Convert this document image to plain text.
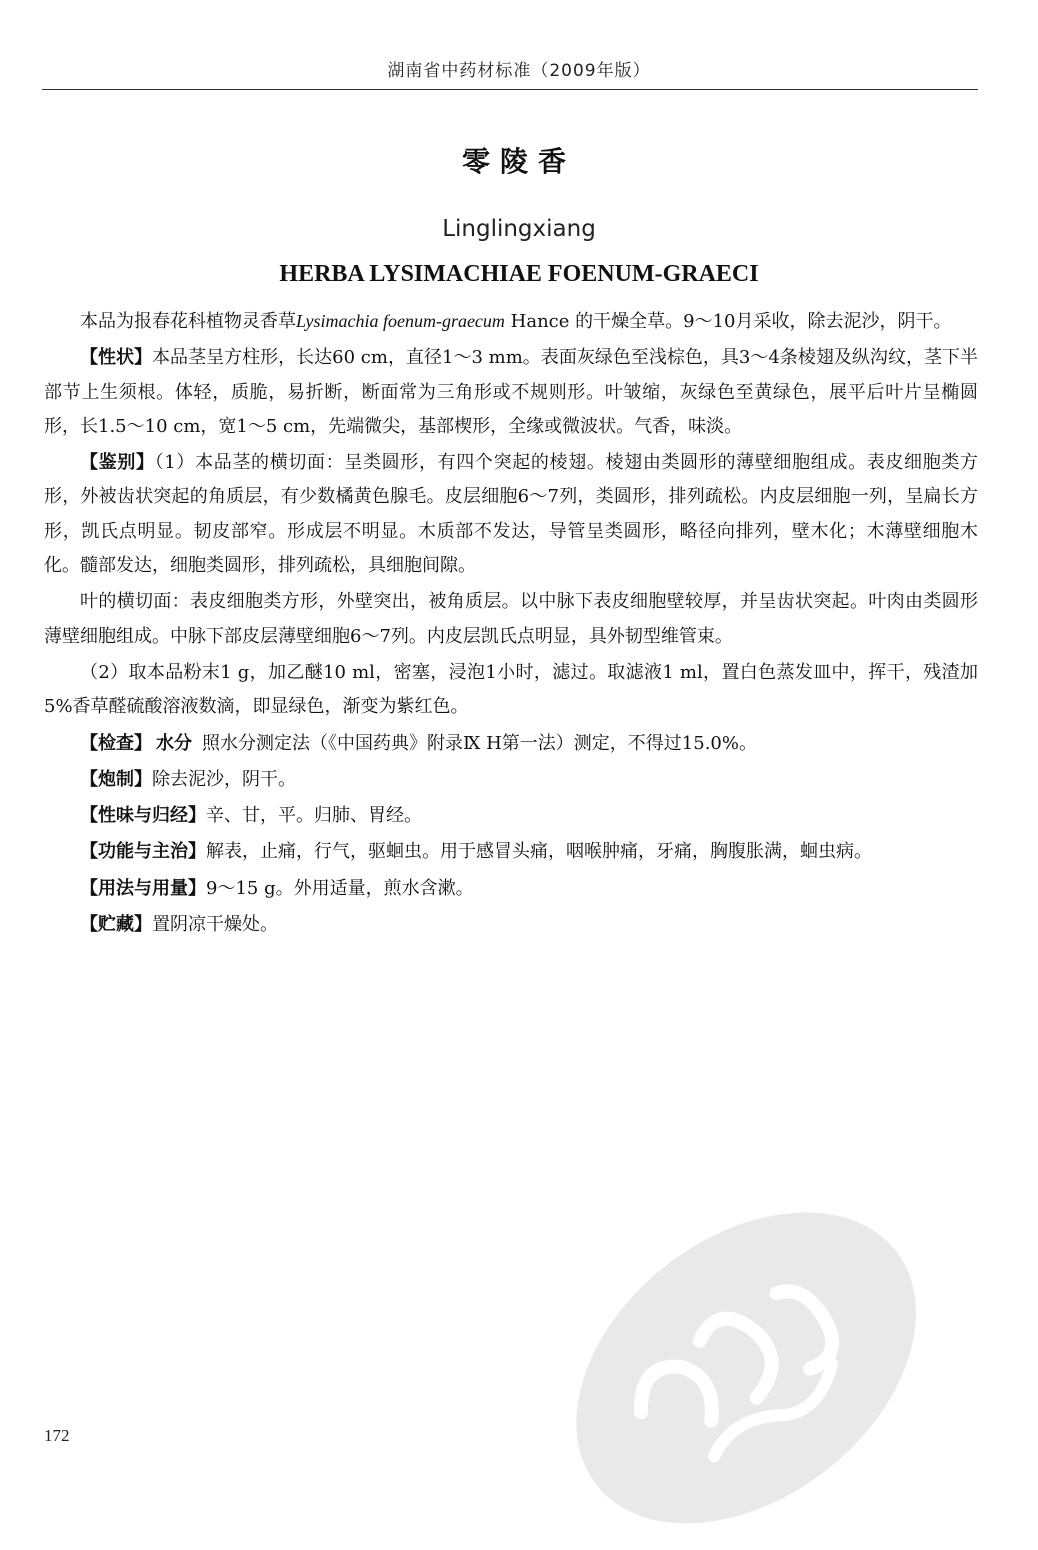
湖南省中药材标准（2009年版）
零陵香
Linglingxiang
HERBA LYSIMACHIAE FOENUM-GRAECI

本品为报春花科植物灵香草Lysimachia foenum-graecum Hance 的干燥全草。9～10月采收，除去泥沙，阴干。

【性状】本品茎呈方柱形，长达60 cm，直径1～3 mm。表面灰绿色至浅棕色，具3～4条棱翅及纵沟纹，茎下半部节上生须根。体轻，质脆，易折断，断面常为三角形或不规则形。叶皱缩，灰绿色至黄绿色，展平后叶片呈椭圆形，长1.5～10 cm，宽1～5 cm，先端微尖，基部楔形，全缘或微波状。气香，味淡。

【鉴别】（1）本品茎的横切面：呈类圆形，有四个突起的棱翅。棱翅由类圆形的薄壁细胞组成。表皮细胞类方形，外被齿状突起的角质层，有少数橘黄色腺毛。皮层细胞6～7列，类圆形，排列疏松。内皮层细胞一列，呈扁长方形，凯氏点明显。韧皮部窄。形成层不明显。木质部不发达，导管呈类圆形，略径向排列，壁木化；木薄壁细胞木化。髓部发达，细胞类圆形，排列疏松，具细胞间隙。

叶的横切面：表皮细胞类方形，外壁突出，被角质层。以中脉下表皮细胞壁较厚，并呈齿状突起。叶肉由类圆形薄壁细胞组成。中脉下部皮层薄壁细胞6～7列。内皮层凯氏点明显，具外韧型维管束。

（2）取本品粉末1 g，加乙醚10 ml，密塞，浸泡1小时，滤过。取滤液1 ml，置白色蒸发皿中，挥干，残渣加5%香草醛硫酸溶液数滴，即显绿色，渐变为紫红色。

【检查】 水分 照水分测定法（《中国药典》附录Ⅸ H第一法）测定，不得过15.0%。

【炮制】除去泥沙，阴干。

【性味与归经】辛、甘，平。归肺、胃经。

【功能与主治】解表，止痛，行气，驱蛔虫。用于感冒头痛，咽喉肿痛，牙痛，胸腹胀满，蛔虫病。

【用法与用量】9～15 g。外用适量，煎水含漱。

【贮藏】置阴凉干燥处。

172
